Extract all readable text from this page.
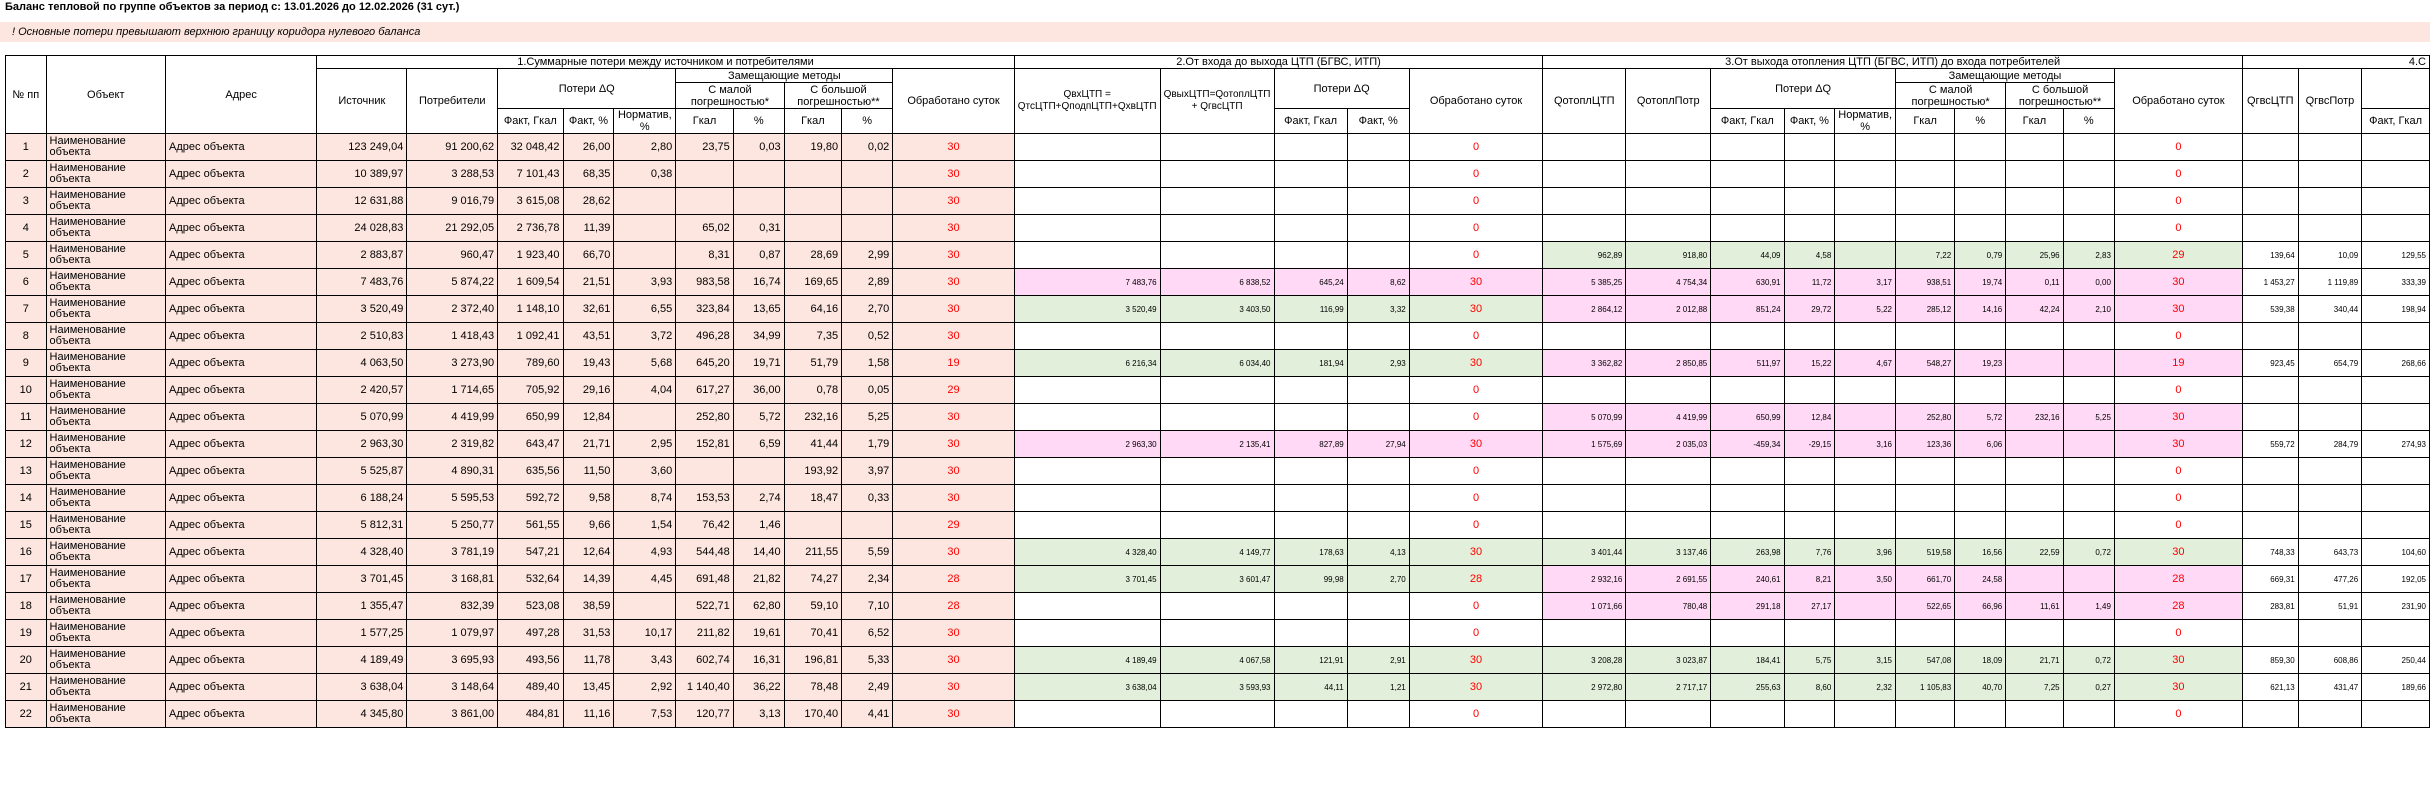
Баланс тепловой по группе объектов за период с: 13.01.2026 до 12.02.2026 (31 сут.)
! Основные потери превышают верхнюю границу коридора нулевого баланса
№ пп	Объект	Адрес	1.Суммарные потери между источником и потребителями										2.От входа до выхода ЦТП (БГВС, ИТП)					3.От выхода отопления ЦТП (БГВС, ИТП) до входа потребителей										4.С		
			Источник	Потребители	Потери ΔQ			Замещающие методы				Обработано суток	QвхЦТП = QтсЦТП+QподпЦТП+QхвЦТП	QвыхЦТП=QотоплЦТП + QгвсЦТП	Потери ΔQ		Обработано суток	QотоплЦТП	QотоплПотр	Потери ΔQ			Замещающие методы				Обработано суток	QгвсЦТП	QгвсПотр	
								С малой погрешностью*		С большой погрешностью**													С малой погрешностью*		С большой погрешностью**					
					Факт, Гкал	Факт, %	Норматив, %	Гкал	%	Гкал	%				Факт, Гкал	Факт, %				Факт, Гкал	Факт, %	Норматив, %	Гкал	%	Гкал	%				Факт, Гкал
1	Наименование объекта	Адрес объекта	123 249,04	91 200,62	32 048,42	26,00	2,80	23,75	0,03	19,80	0,02	30					0										0			
2	Наименование объекта	Адрес объекта	10 389,97	3 288,53	7 101,43	68,35	0,38					30					0										0			
3	Наименование объекта	Адрес объекта	12 631,88	9 016,79	3 615,08	28,62						30					0										0			
4	Наименование объекта	Адрес объекта	24 028,83	21 292,05	2 736,78	11,39		65,02	0,31			30					0										0			
5	Наименование объекта	Адрес объекта	2 883,87	960,47	1 923,40	66,70		8,31	0,87	28,69	2,99	30					0	962,89	918,80	44,09	4,58		7,22	0,79	25,96	2,83	29	139,64	10,09	129,55
6	Наименование объекта	Адрес объекта	7 483,76	5 874,22	1 609,54	21,51	3,93	983,58	16,74	169,65	2,89	30	7 483,76	6 838,52	645,24	8,62	30	5 385,25	4 754,34	630,91	11,72	3,17	938,51	19,74	0,11	0,00	30	1 453,27	1 119,89	333,39
7	Наименование объекта	Адрес объекта	3 520,49	2 372,40	1 148,10	32,61	6,55	323,84	13,65	64,16	2,70	30	3 520,49	3 403,50	116,99	3,32	30	2 864,12	2 012,88	851,24	29,72	5,22	285,12	14,16	42,24	2,10	30	539,38	340,44	198,94
8	Наименование объекта	Адрес объекта	2 510,83	1 418,43	1 092,41	43,51	3,72	496,28	34,99	7,35	0,52	30					0										0			
9	Наименование объекта	Адрес объекта	4 063,50	3 273,90	789,60	19,43	5,68	645,20	19,71	51,79	1,58	19	6 216,34	6 034,40	181,94	2,93	30	3 362,82	2 850,85	511,97	15,22	4,67	548,27	19,23			19	923,45	654,79	268,66
10	Наименование объекта	Адрес объекта	2 420,57	1 714,65	705,92	29,16	4,04	617,27	36,00	0,78	0,05	29					0										0			
11	Наименование объекта	Адрес объекта	5 070,99	4 419,99	650,99	12,84		252,80	5,72	232,16	5,25	30					0	5 070,99	4 419,99	650,99	12,84		252,80	5,72	232,16	5,25	30			
12	Наименование объекта	Адрес объекта	2 963,30	2 319,82	643,47	21,71	2,95	152,81	6,59	41,44	1,79	30	2 963,30	2 135,41	827,89	27,94	30	1 575,69	2 035,03	-459,34	-29,15	3,16	123,36	6,06			30	559,72	284,79	274,93
13	Наименование объекта	Адрес объекта	5 525,87	4 890,31	635,56	11,50	3,60			193,92	3,97	30					0										0			
14	Наименование объекта	Адрес объекта	6 188,24	5 595,53	592,72	9,58	8,74	153,53	2,74	18,47	0,33	30					0										0			
15	Наименование объекта	Адрес объекта	5 812,31	5 250,77	561,55	9,66	1,54	76,42	1,46			29					0										0			
16	Наименование объекта	Адрес объекта	4 328,40	3 781,19	547,21	12,64	4,93	544,48	14,40	211,55	5,59	30	4 328,40	4 149,77	178,63	4,13	30	3 401,44	3 137,46	263,98	7,76	3,96	519,58	16,56	22,59	0,72	30	748,33	643,73	104,60
17	Наименование объекта	Адрес объекта	3 701,45	3 168,81	532,64	14,39	4,45	691,48	21,82	74,27	2,34	28	3 701,45	3 601,47	99,98	2,70	28	2 932,16	2 691,55	240,61	8,21	3,50	661,70	24,58			28	669,31	477,26	192,05
18	Наименование объекта	Адрес объекта	1 355,47	832,39	523,08	38,59		522,71	62,80	59,10	7,10	28					0	1 071,66	780,48	291,18	27,17		522,65	66,96	11,61	1,49	28	283,81	51,91	231,90
19	Наименование объекта	Адрес объекта	1 577,25	1 079,97	497,28	31,53	10,17	211,82	19,61	70,41	6,52	30					0										0			
20	Наименование объекта	Адрес объекта	4 189,49	3 695,93	493,56	11,78	3,43	602,74	16,31	196,81	5,33	30	4 189,49	4 067,58	121,91	2,91	30	3 208,28	3 023,87	184,41	5,75	3,15	547,08	18,09	21,71	0,72	30	859,30	608,86	250,44
21	Наименование объекта	Адрес объекта	3 638,04	3 148,64	489,40	13,45	2,92	1 140,40	36,22	78,48	2,49	30	3 638,04	3 593,93	44,11	1,21	30	2 972,80	2 717,17	255,63	8,60	2,32	1 105,83	40,70	7,25	0,27	30	621,13	431,47	189,66
22	Наименование объекта	Адрес объекта	4 345,80	3 861,00	484,81	11,16	7,53	120,77	3,13	170,40	4,41	30					0										0			
